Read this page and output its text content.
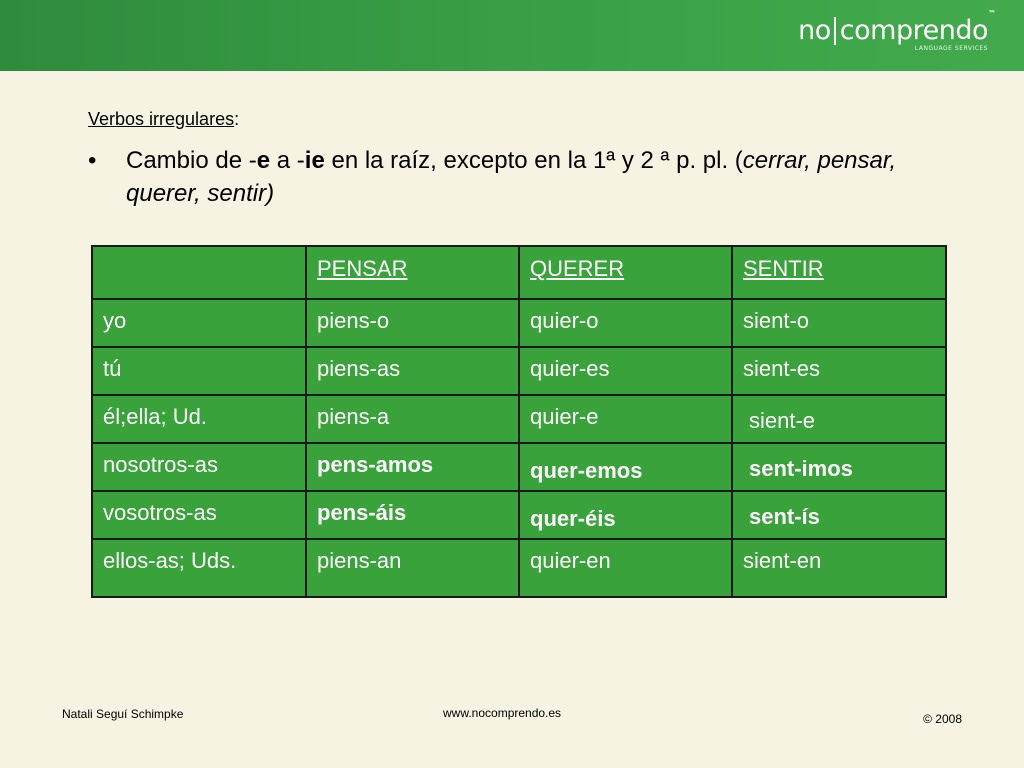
no comprendo
™
LANGUAGE SERVICES
Verbos irregulares:
• Cambio de -e a -ie en la raíz, excepto en la 1ª y 2 ª p. pl. (cerrar, pensar, querer, sentir)
	PENSAR	QUERER	SENTIR
yo	piens-o	quier-o	sient-o
tú	piens-as	quier-es	sient-es
él;ella; Ud.	piens-a	quier-e	sient-e
nosotros-as	pens-amos	quer-emos	sent-imos
vosotros-as	pens-áis	quer-éis	sent-ís
ellos-as; Uds.	piens-an	quier-en	sient-en
Natali Seguí Schimpke	www.nocomprendo.es	© 2008
